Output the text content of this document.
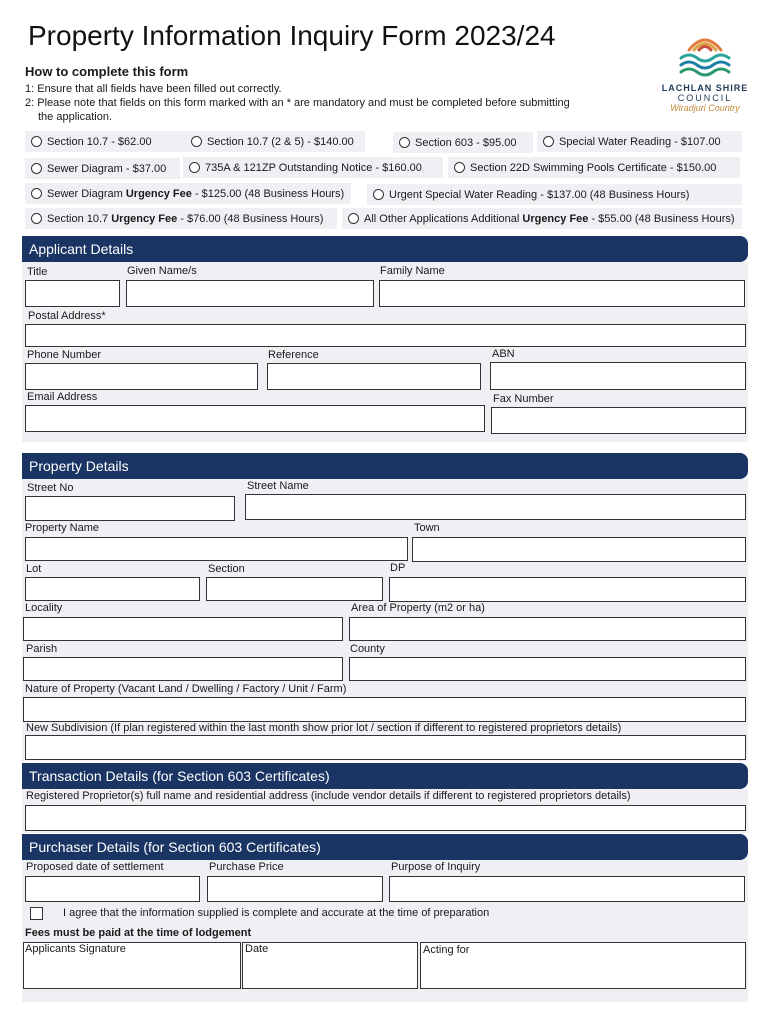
Property Information Inquiry Form 2023/24
How to complete this form
1: Ensure that all fields have been filled out correctly.
2: Please note that fields on this form marked with an * are mandatory and must be completed before submitting
the application.
LACHLAN SHIRE
COUNCIL
Wiradjuri Country
Section 10.7 - $62.00	Section 10.7 (2 & 5) - $140.00	Section 603 - $95.00	Special Water Reading - $107.00
Sewer Diagram - $37.00	735A & 121ZP Outstanding Notice - $160.00	Section 22D Swimming Pools Certificate - $150.00
Sewer Diagram Urgency Fee - $125.00 (48 Business Hours)	Urgent Special Water Reading - $137.00 (48 Business Hours)
Section 10.7 Urgency Fee - $76.00 (48 Business Hours)	All Other Applications Additional Urgency Fee - $55.00 (48 Business Hours)
Applicant Details
Title	Given Name/s	Family Name
Postal Address*
Phone Number	Reference	ABN
Email Address	Fax Number
Property Details
Street No	Street Name
Property Name	Town
Lot	Section	DP
Locality	Area of Property (m2 or ha)
Parish	County
Nature of Property (Vacant Land / Dwelling / Factory / Unit / Farm)
New Subdivision (If plan registered within the last month show prior lot / section if different to registered proprietors details)
Transaction Details (for Section 603 Certificates)
Registered Proprietor(s) full name and residential address (include vendor details if different to registered proprietors details)
Purchaser Details (for Section 603 Certificates)
Proposed date of settlement	Purchase Price	Purpose of Inquiry
I agree that the information supplied is complete and accurate at the time of preparation
Fees must be paid at the time of lodgement
Applicants Signature	Date	Acting for
